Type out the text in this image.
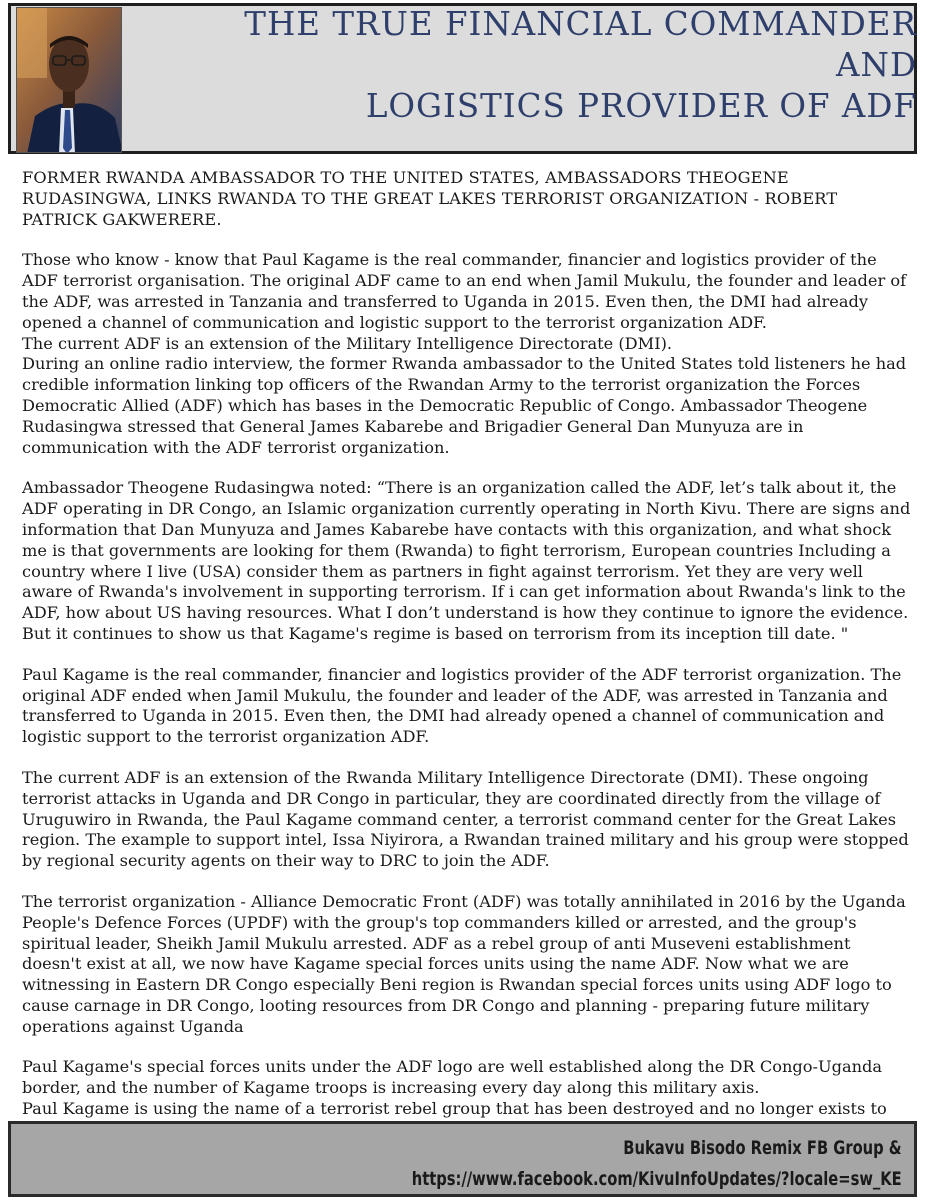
THE TRUE FINANCIAL COMMANDER AND
LOGISTICS PROVIDER OF ADF

FORMER RWANDA AMBASSADOR TO THE UNITED STATES, AMBASSADORS THEOGENE RUDASINGWA, LINKS RWANDA TO THE GREAT LAKES TERRORIST ORGANIZATION - ROBERT PATRICK GAKWERERE.

Those who know - know that Paul Kagame is the real commander, financier and logistics provider of the ADF terrorist organisation. The original ADF came to an end when Jamil Mukulu, the founder and leader of the ADF, was arrested in Tanzania and transferred to Uganda in 2015. Even then, the DMI had already opened a channel of communication and logistic support to the terrorist organization ADF.

The current ADF is an extension of the Military Intelligence Directorate (DMI).

During an online radio interview, the former Rwanda ambassador to the United States told listeners he had credible information linking top officers of the Rwandan Army to the terrorist organization the Forces Democratic Allied (ADF) which has bases in the Democratic Republic of Congo. Ambassador Theogene Rudasingwa stressed that General James Kabarebe and Brigadier General Dan Munyuza are in communication with the ADF terrorist organization.

Ambassador Theogene Rudasingwa noted: “There is an organization called the ADF, let’s talk about it, the ADF operating in DR Congo, an Islamic organization currently operating in North Kivu. There are signs and information that Dan Munyuza and James Kabarebe have contacts with this organization, and what shock me is that governments are looking for them (Rwanda) to fight terrorism, European countries Including a country where I live (USA) consider them as partners in fight against terrorism. Yet they are very well aware of Rwanda's involvement in supporting terrorism. If i can get information about Rwanda's link to the ADF, how about US having resources. What I don’t understand is how they continue to ignore the evidence. But it continues to show us that Kagame's regime is based on terrorism from its inception till date. "

Paul Kagame is the real commander, financier and logistics provider of the ADF terrorist organization. The original ADF ended when Jamil Mukulu, the founder and leader of the ADF, was arrested in Tanzania and transferred to Uganda in 2015. Even then, the DMI had already opened a channel of communication and logistic support to the terrorist organization ADF.

The current ADF is an extension of the Rwanda Military Intelligence Directorate (DMI). These ongoing terrorist attacks in Uganda and DR Congo in particular, they are coordinated directly from the village of Uruguwiro in Rwanda, the Paul Kagame command center, a terrorist command center for the Great Lakes region. The example to support intel, Issa Niyirora, a Rwandan trained military and his group were stopped by regional security agents on their way to DRC to join the ADF.

The terrorist organization - Alliance Democratic Front (ADF) was totally annihilated in 2016 by the Uganda People's Defence Forces (UPDF) with the group's top commanders killed or arrested, and the group's spiritual leader, Sheikh Jamil Mukulu arrested. ADF as a rebel group of anti Museveni establishment doesn't exist at all, we now have Kagame special forces units using the name ADF. Now what we are witnessing in Eastern DR Congo especially Beni region is Rwandan special forces units using ADF logo to cause carnage in DR Congo, looting resources from DR Congo and planning - preparing future military operations against Uganda

Paul Kagame's special forces units under the ADF logo are well established along the DR Congo-Uganda border, and the number of Kagame troops is increasing every day along this military axis.

Paul Kagame is using the name of a terrorist rebel group that has been destroyed and no longer exists to

Bukavu Bisodo Remix FB Group &
https://www.facebook.com/KivuInfoUpdates/?locale=sw_KE
